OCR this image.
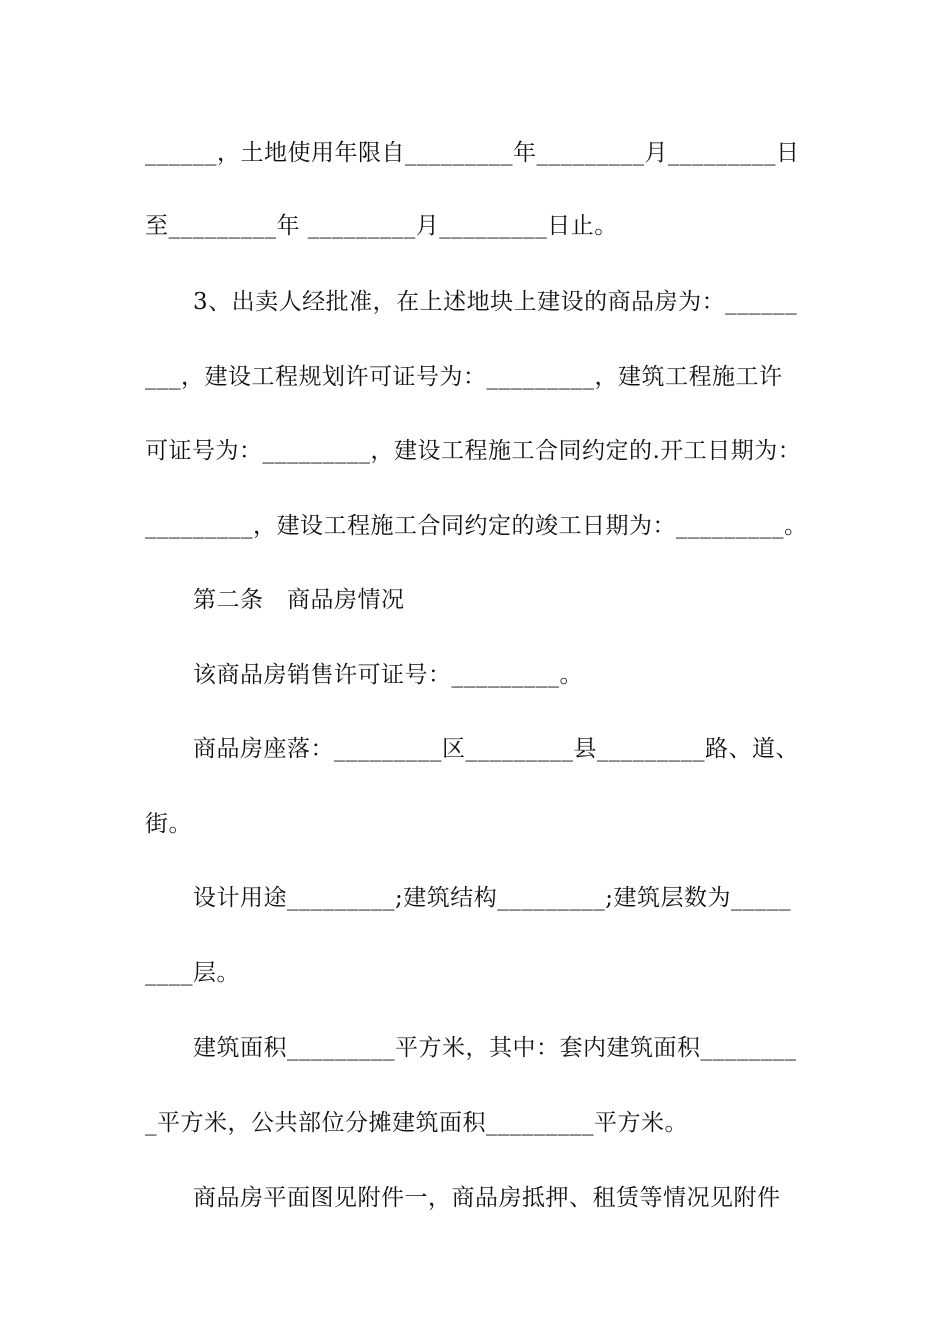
______，土地使用年限自_________年_________月_________日
至_________年 _________月_________日止。
3、出卖人经批准，在上述地块上建设的商品房为：______
___，建设工程规划许可证号为：_________，建筑工程施工许
可证号为：_________，建设工程施工合同约定的.开工日期为：
_________，建设工程施工合同约定的竣工日期为：_________。
第二条　商品房情况
该商品房销售许可证号：_________。
商品房座落：_________区_________县_________路、道、
街。
设计用途_________;建筑结构_________;建筑层数为_____
____层。
建筑面积_________平方米，其中：套内建筑面积________
_平方米，公共部位分摊建筑面积_________平方米。
商品房平面图见附件一，商品房抵押、租赁等情况见附件
